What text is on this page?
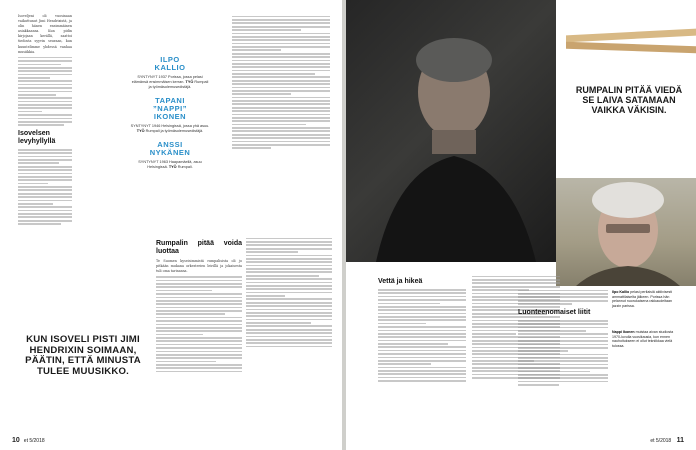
Isoveljeni oli vuosinaan vaikuttunut Jimi Hendrixistä, ja olin hänen ensimmäinen asiakkaansa. Kun pidin kirjojaan kerällä, saattoi tiedosta syyvin seuraan, kun kuuntelimme yhdessä vanhaa musiikkia.

Isovelsen levyhyllyllä
ILPO
KALLIO
SYNTYNYT 1937 Porissa, jossa pelasi elämänsä ensimmäisen kerran. TYÖ Rumpali ja työmäsolemusedistäjä.
TAPANI
”NAPPI”
IKONEN
SYNTYNYT 1946 Helsingissä, jossa yhä asuu. TYÖ Rumpali ja työmäsolemusedistäjä.
ANSSI
NYKÄNEN
SYNTYNYT 1963 Haapamäellä, asuu Helsingissä. TYÖ Rumpali.
Rumpalin pitää voida luottaa

Te Suomen kyseisimmistä rumpalisista oli jo pitkään mukana orkesterien leirillä ja jokaisesta tuli oma tarinansa.

KUN ISOVELI PISTI JIMI HENDRIXIN SOIMAAN, PÄÄTIN, ETTÄ MINUSTA TULEE MUUSIKKO.
10 et 5/2018
RUMPALIN PITÄÄ VIEDÄ SE LAIVA SATAMAAN VAIKKA VÄKISIN.
Ilpo Kallio pelasi perilaisiä aktiivisesti ammattilaiselta jälkeen. Porissa hän pelannut nuorukaisena rakkaudeltaan jazzin parissa.
Nappi Ikonen muistaa aivan studiosta 1970-luvulla vuosikausia, kun ennen nauhoitukseen ei ollut tekniikkaa vielä tulossa.
Vettä ja hikeä
Luonteenomaiset liitit
et 5/2018 11
